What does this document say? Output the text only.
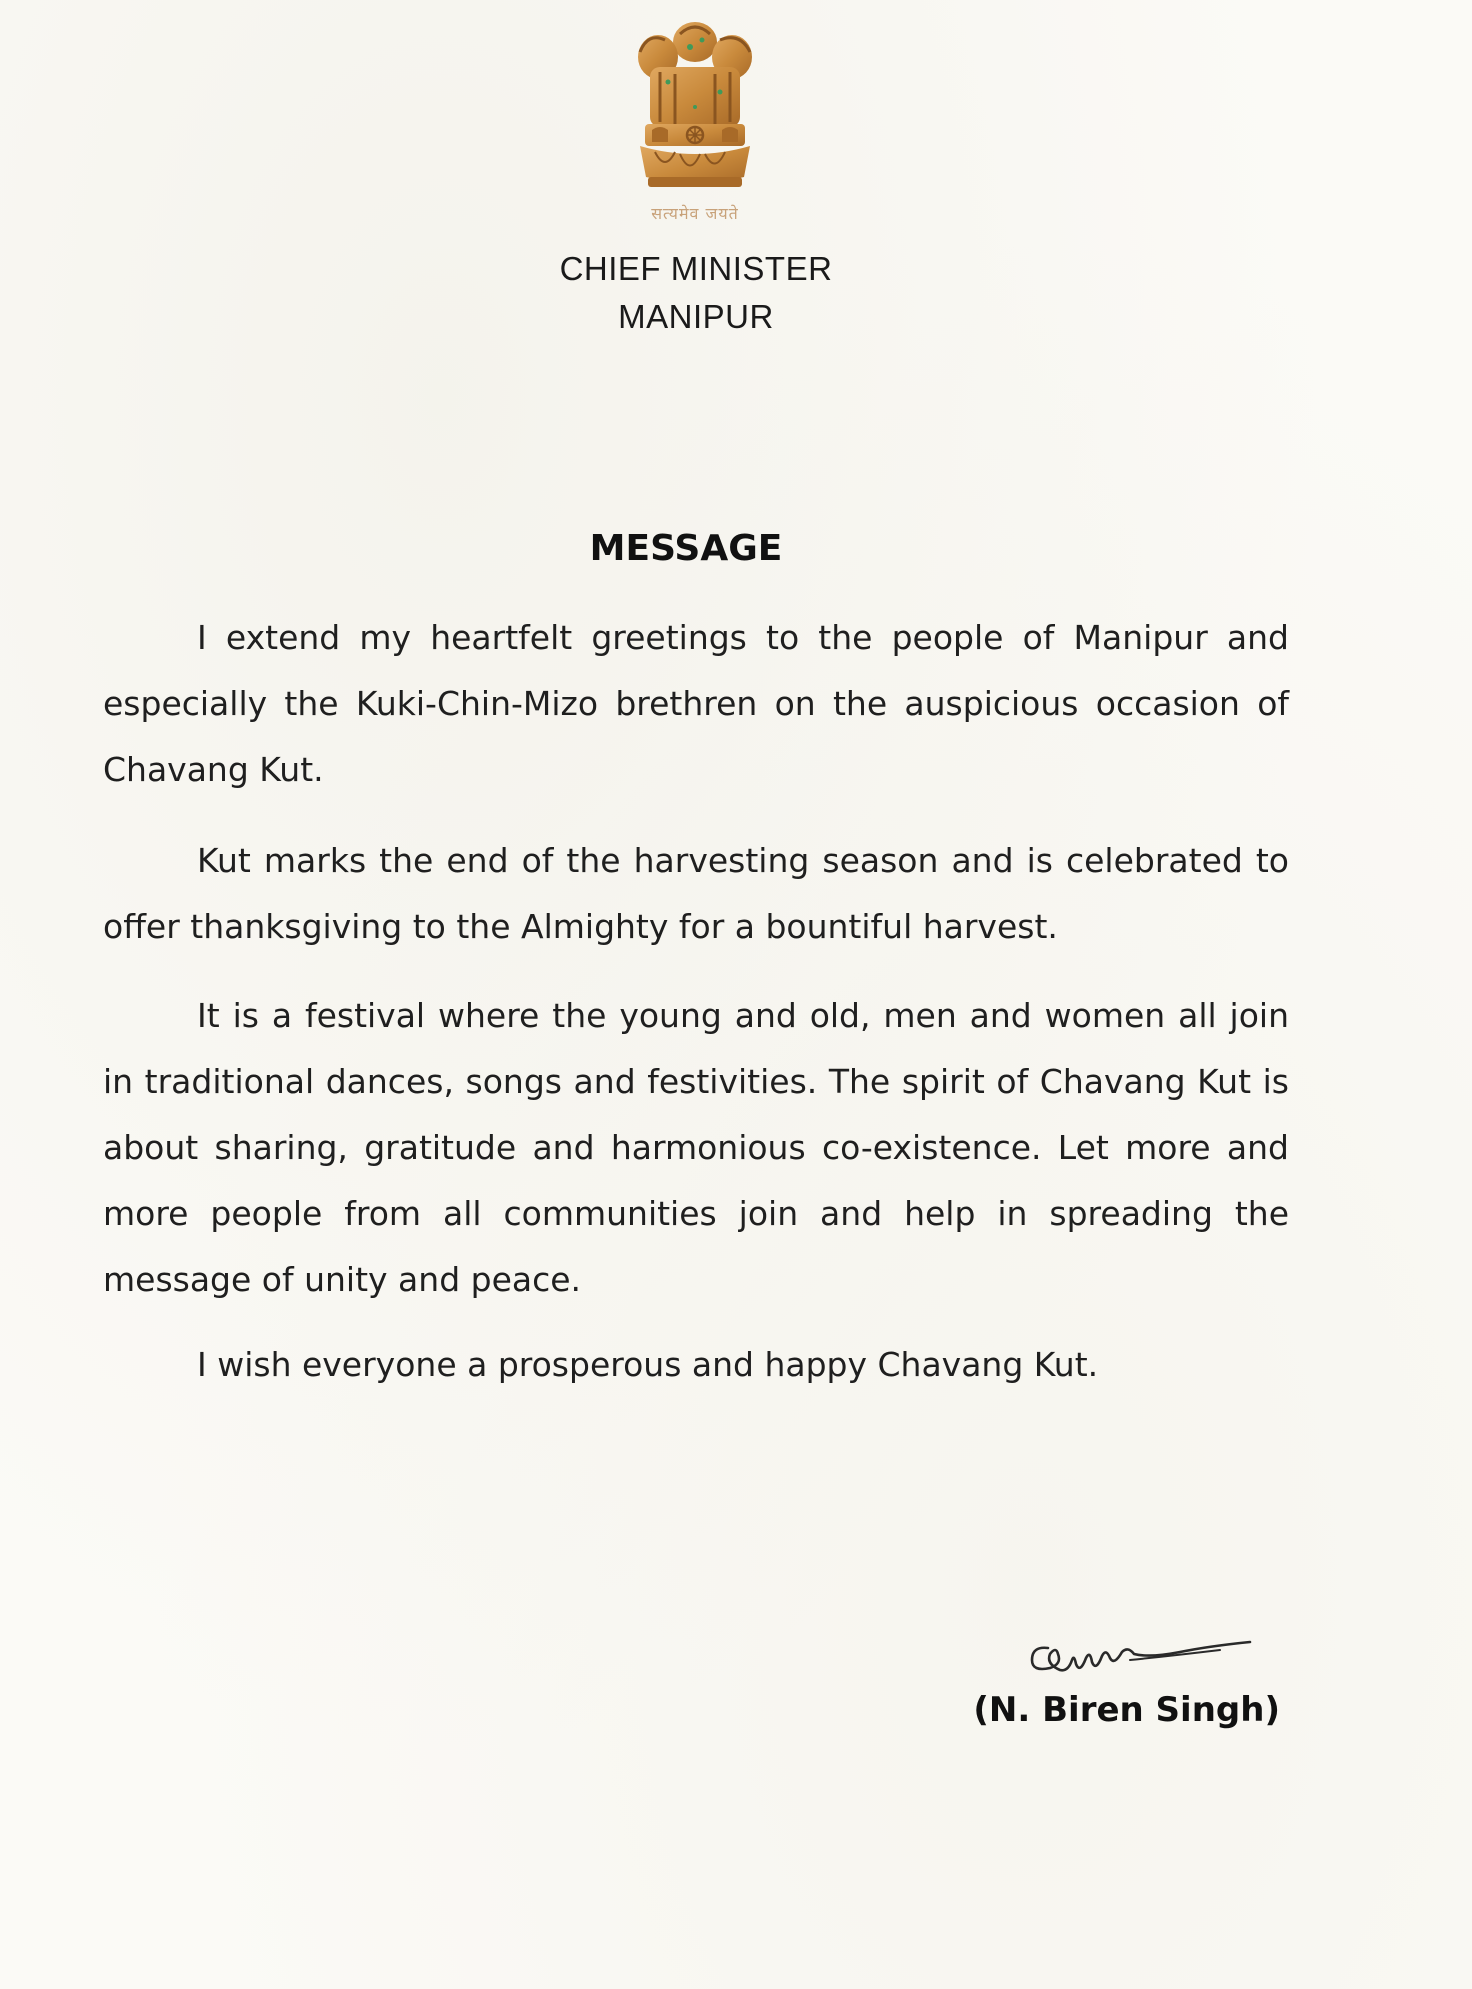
सत्यमेव जयते
CHIEF MINISTER
MANIPUR
MESSAGE

I extend my heartfelt greetings to the people of Manipur and especially the Kuki-Chin-Mizo brethren on the auspicious occasion of Chavang Kut.

Kut marks the end of the harvesting season and is celebrated to offer thanksgiving to the Almighty for a bountiful harvest.

It is a festival where the young and old, men and women all join in traditional dances, songs and festivities. The spirit of Chavang Kut is about sharing, gratitude and harmonious co-existence. Let more and more people from all communities join and help in spreading the message of unity and peace.

I wish everyone a prosperous and happy Chavang Kut.

(N. Biren Singh)
